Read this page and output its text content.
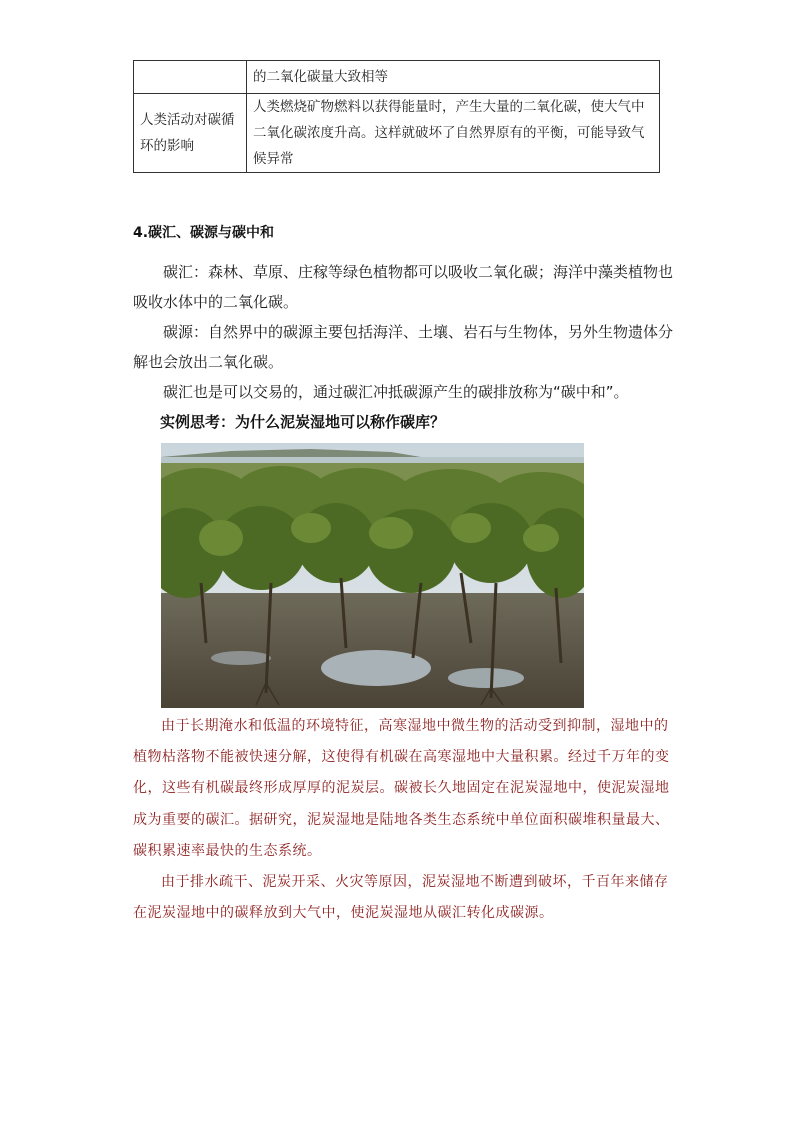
	的二氧化碳量大致相等
人类活动对碳循环的影响	人类燃烧矿物燃料以获得能量时，产生大量的二氧化碳，使大气中二氧化碳浓度升高。这样就破坏了自然界原有的平衡，可能导致气候异常
4.碳汇、碳源与碳中和

碳汇：森林、草原、庄稼等绿色植物都可以吸收二氧化碳；海洋中藻类植物也吸收水体中的二氧化碳。

碳源：自然界中的碳源主要包括海洋、土壤、岩石与生物体，另外生物遗体分解也会放出二氧化碳。

碳汇也是可以交易的，通过碳汇冲抵碳源产生的碳排放称为“碳中和”。

实例思考：为什么泥炭湿地可以称作碳库？

由于长期淹水和低温的环境特征，高寒湿地中微生物的活动受到抑制，湿地中的植物枯落物不能被快速分解，这使得有机碳在高寒湿地中大量积累。经过千万年的变化，这些有机碳最终形成厚厚的泥炭层。碳被长久地固定在泥炭湿地中，使泥炭湿地成为重要的碳汇。据研究，泥炭湿地是陆地各类生态系统中单位面积碳堆积量最大、碳积累速率最快的生态系统。

由于排水疏干、泥炭开采、火灾等原因，泥炭湿地不断遭到破坏，千百年来储存在泥炭湿地中的碳释放到大气中，使泥炭湿地从碳汇转化成碳源。
